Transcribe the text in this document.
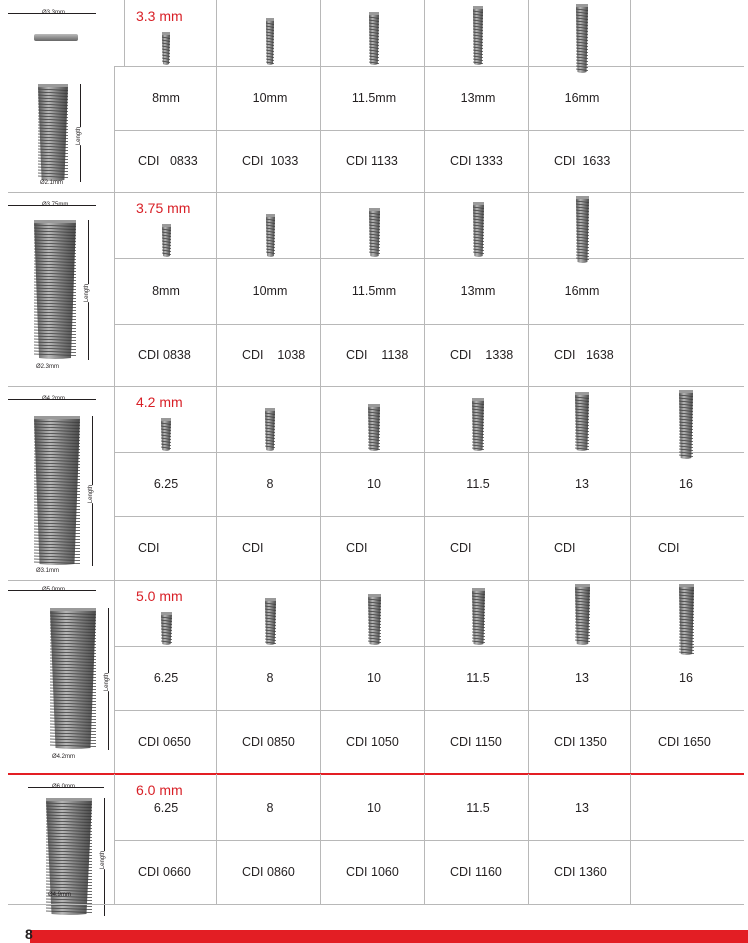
Length
Ø2.1mm
3.3 mm
8mm
CDI   0833
10mm
CDI  1033
11.5mm
CDI 1133
13mm
CDI 1333
16mm
CDI  1633
Length
Ø2.3mm
3.75 mm
8mm
CDI 0838
10mm
CDI    1038
11.5mm
CDI    1138
13mm
CDI    1338
16mm
CDI   1638
Length
Ø3.1mm
4.2 mm
6.25
CDI
8
CDI
10
CDI
11.5
CDI
13
CDI
16
CDI
Length
Ø4.2mm
5.0 mm
6.25
CDI 0650
8
CDI 0850
10
CDI 1050
11.5
CDI 1150
13
CDI 1350
16
CDI 1650
Length
Ø4.9mm
6.0 mm
6.25
CDI 0660
8
CDI 0860
10
CDI 1060
11.5
CDI 1160
13
CDI 1360
8
